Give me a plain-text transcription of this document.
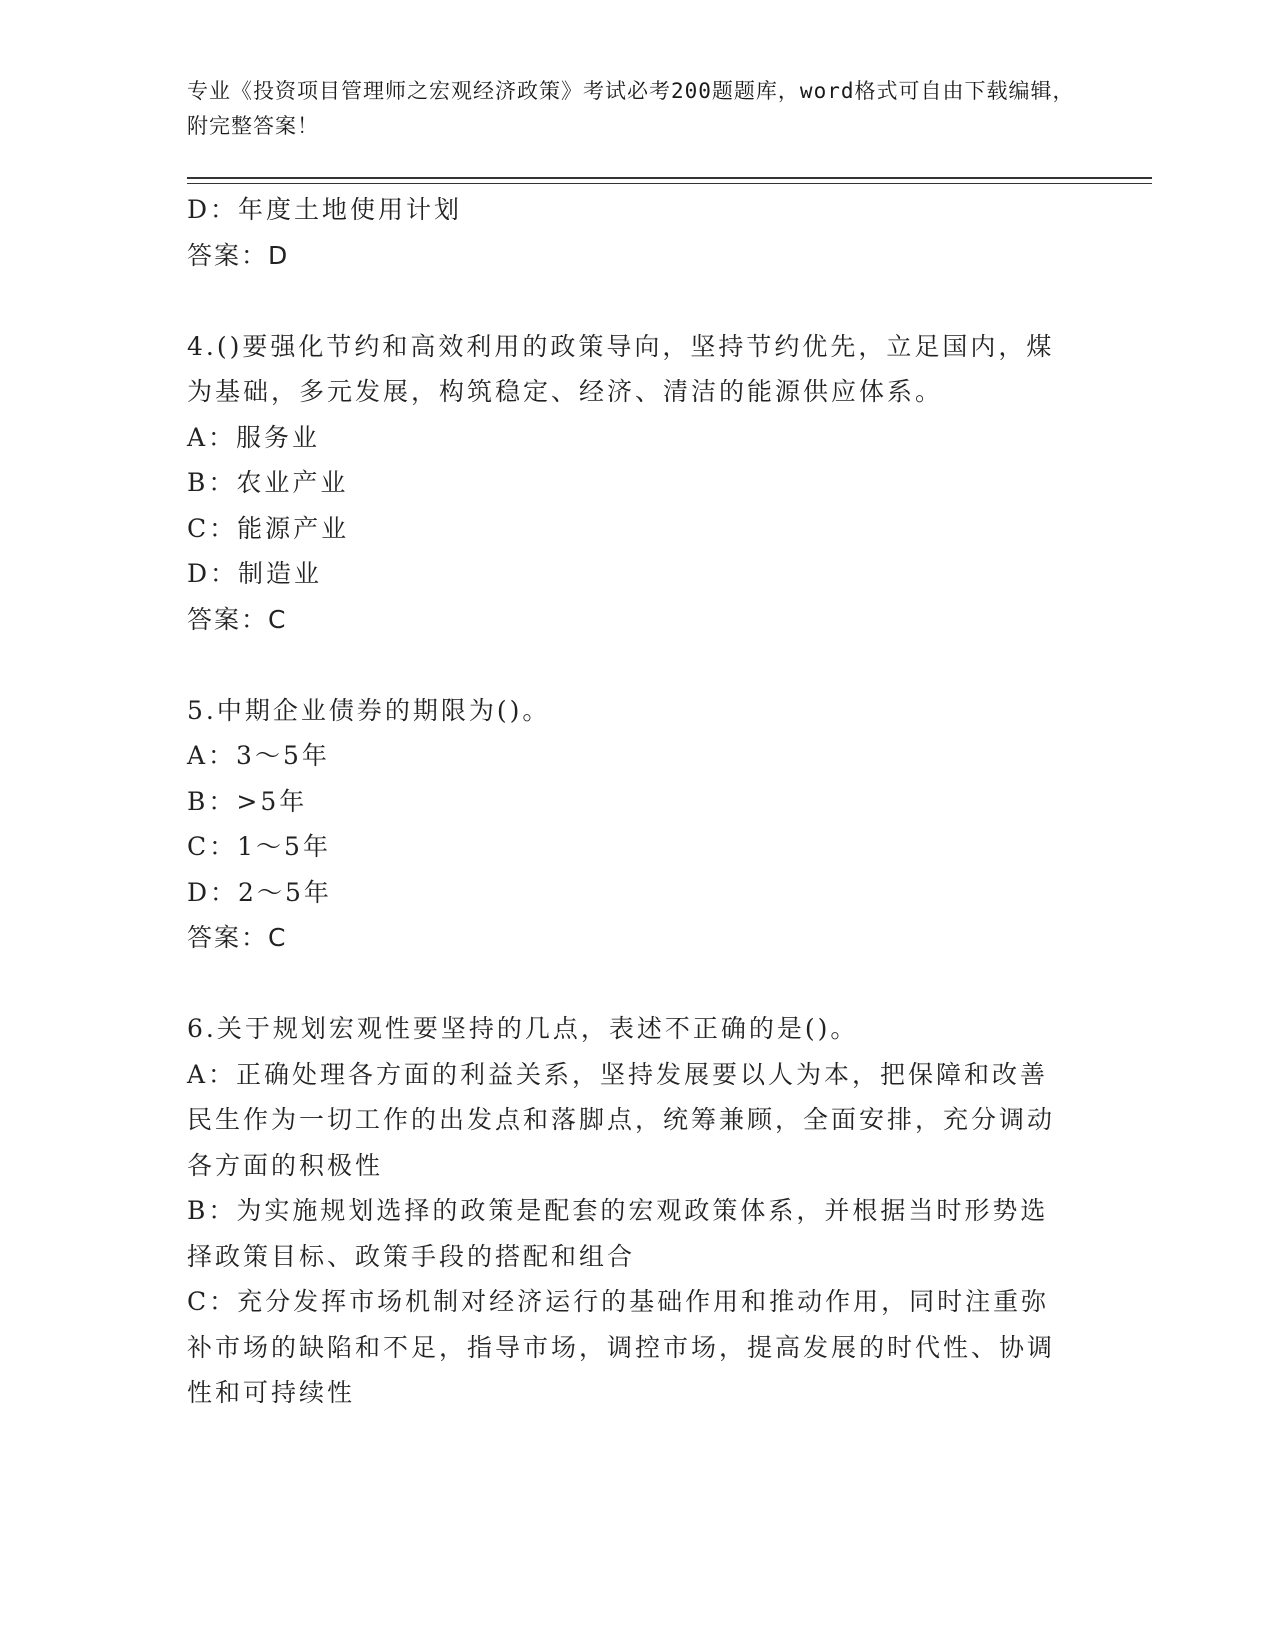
专业《投资项目管理师之宏观经济政策》考试必考200题题库，word格式可自由下载编辑，附完整答案！
D：年度土地使用计划
答案：D
4.()要强化节约和高效利用的政策导向，坚持节约优先，立足国内，煤为基础，多元发展，构筑稳定、经济、清洁的能源供应体系。
A：服务业
B：农业产业
C：能源产业
D：制造业
答案：C
5.中期企业债券的期限为()。
A：3～5年
B：>5年
C：1～5年
D：2～5年
答案：C
6.关于规划宏观性要坚持的几点，表述不正确的是()。
A：正确处理各方面的利益关系，坚持发展要以人为本，把保障和改善民生作为一切工作的出发点和落脚点，统筹兼顾，全面安排，充分调动各方面的积极性
B：为实施规划选择的政策是配套的宏观政策体系，并根据当时形势选择政策目标、政策手段的搭配和组合
C：充分发挥市场机制对经济运行的基础作用和推动作用，同时注重弥补市场的缺陷和不足，指导市场，调控市场，提高发展的时代性、协调性和可持续性
